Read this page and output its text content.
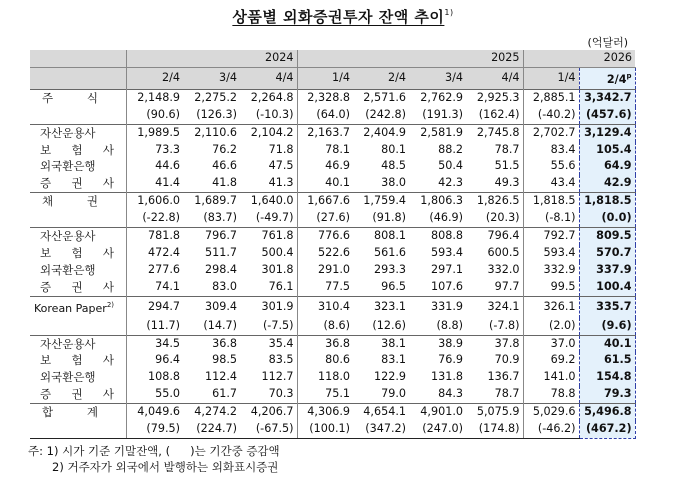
상품별 외화증권투자 잔액 추이$^{1)}$
(억달러)
	2024			2025				2026	
	2/4	3/4	4/4	1/4	2/4	3/4	4/4	1/4	2/4$^p$
주 식	2,148.9	2,275.2	2,264.8	2,328.8	2,571.6	2,762.9	2,925.3	2,885.1	3,342.7
	(90.6)	(126.3)	(-10.3)	(64.0)	(242.8)	(191.3)	(162.4)	(-40.2)	(457.6)
자산운용사	1,989.5	2,110.6	2,104.2	2,163.7	2,404.9	2,581.9	2,745.8	2,702.7	3,129.4
보 험 사	73.3	76.2	71.8	78.1	80.1	88.2	78.7	83.4	105.4
외국환은행	44.6	46.6	47.5	46.9	48.5	50.4	51.5	55.6	64.9
증 권 사	41.4	41.8	41.3	40.1	38.0	42.3	49.3	43.4	42.9
채 권	1,606.0	1,689.7	1,640.0	1,667.6	1,759.4	1,806.3	1,826.5	1,818.5	1,818.5
	(-22.8)	(83.7)	(-49.7)	(27.6)	(91.8)	(46.9)	(20.3)	(-8.1)	(0.0)
자산운용사	781.8	796.7	761.8	776.6	808.1	808.8	796.4	792.7	809.5
보 험 사	472.4	511.7	500.4	522.6	561.6	593.4	600.5	593.4	570.7
외국환은행	277.6	298.4	301.8	291.0	293.3	297.1	332.0	332.9	337.9
증 권 사	74.1	83.0	76.1	77.5	96.5	107.6	97.7	99.5	100.4
Korean Paper$^{2)}$	294.7	309.4	301.9	310.4	323.1	331.9	324.1	326.1	335.7
	(11.7)	(14.7)	(-7.5)	(8.6)	(12.6)	(8.8)	(-7.8)	(2.0)	(9.6)
자산운용사	34.5	36.8	35.4	36.8	38.1	38.9	37.8	37.0	40.1
보 험 사	96.4	98.5	83.5	80.6	83.1	76.9	70.9	69.2	61.5
외국환은행	108.8	112.4	112.7	118.0	122.9	131.8	136.7	141.0	154.8
증 권 사	55.0	61.7	70.3	75.1	79.0	84.3	78.7	78.8	79.3
합 계	4,049.6	4,274.2	4,206.7	4,306.9	4,654.1	4,901.0	5,075.9	5,029.6	5,496.8
	(79.5)	(224.7)	(-67.5)	(100.1)	(347.2)	(247.0)	(174.8)	(-46.2)	(467.2)
주: 1) 시가 기준 기말잔액, ( )는 기간중 증감액
2) 거주자가 외국에서 발행하는 외화표시증권
